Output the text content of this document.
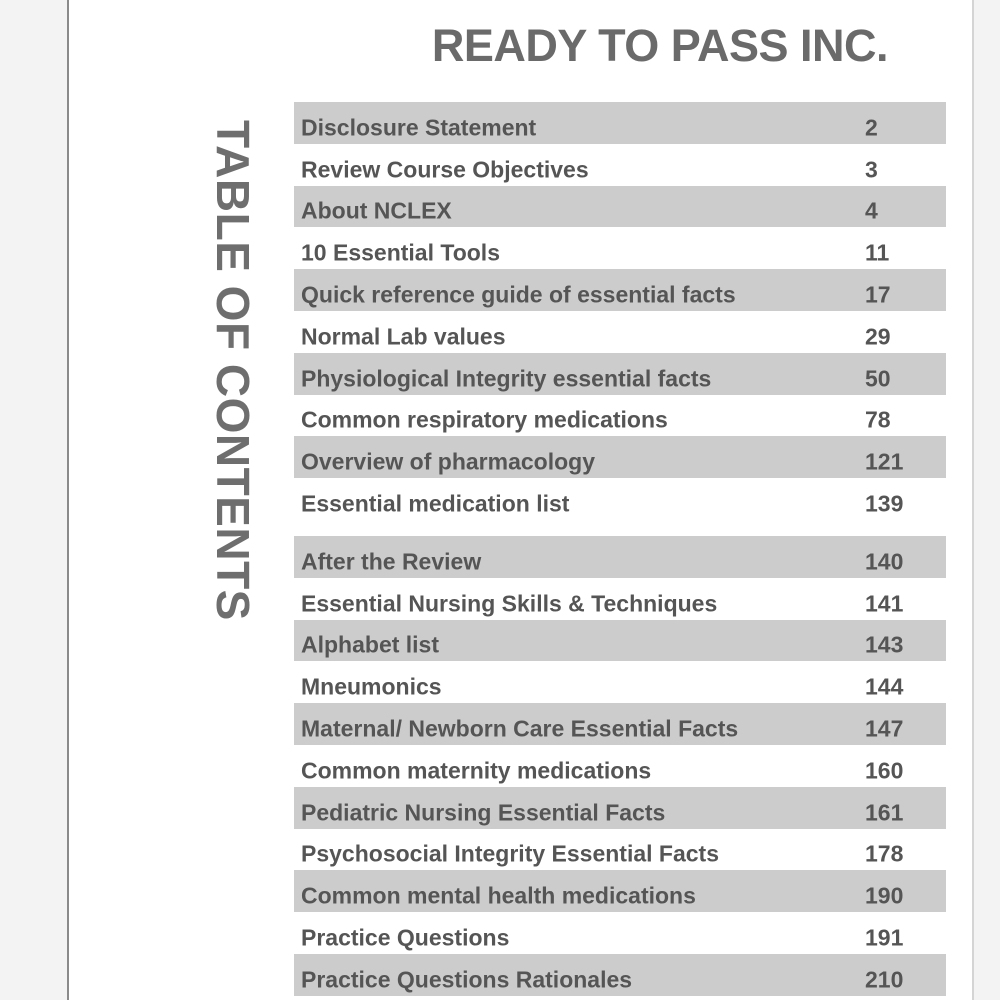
READY TO PASS INC.
TABLE OF CONTENTS	Disclosure Statement	2
Review Course Objectives	3
About NCLEX	4
10 Essential Tools	11
Quick reference guide of essential facts	17
Normal Lab values	29
Physiological Integrity essential facts	50
Common respiratory medications	78
Overview of pharmacology	121
Essential medication list	139
After the Review	140
Essential Nursing Skills & Techniques	141
Alphabet list	143
Mneumonics	144
Maternal/ Newborn Care Essential Facts	147
Common maternity medications	160
Pediatric Nursing Essential Facts	161
Psychosocial Integrity Essential Facts	178
Common mental health medications	190
Practice Questions	191
Practice Questions Rationales	210
